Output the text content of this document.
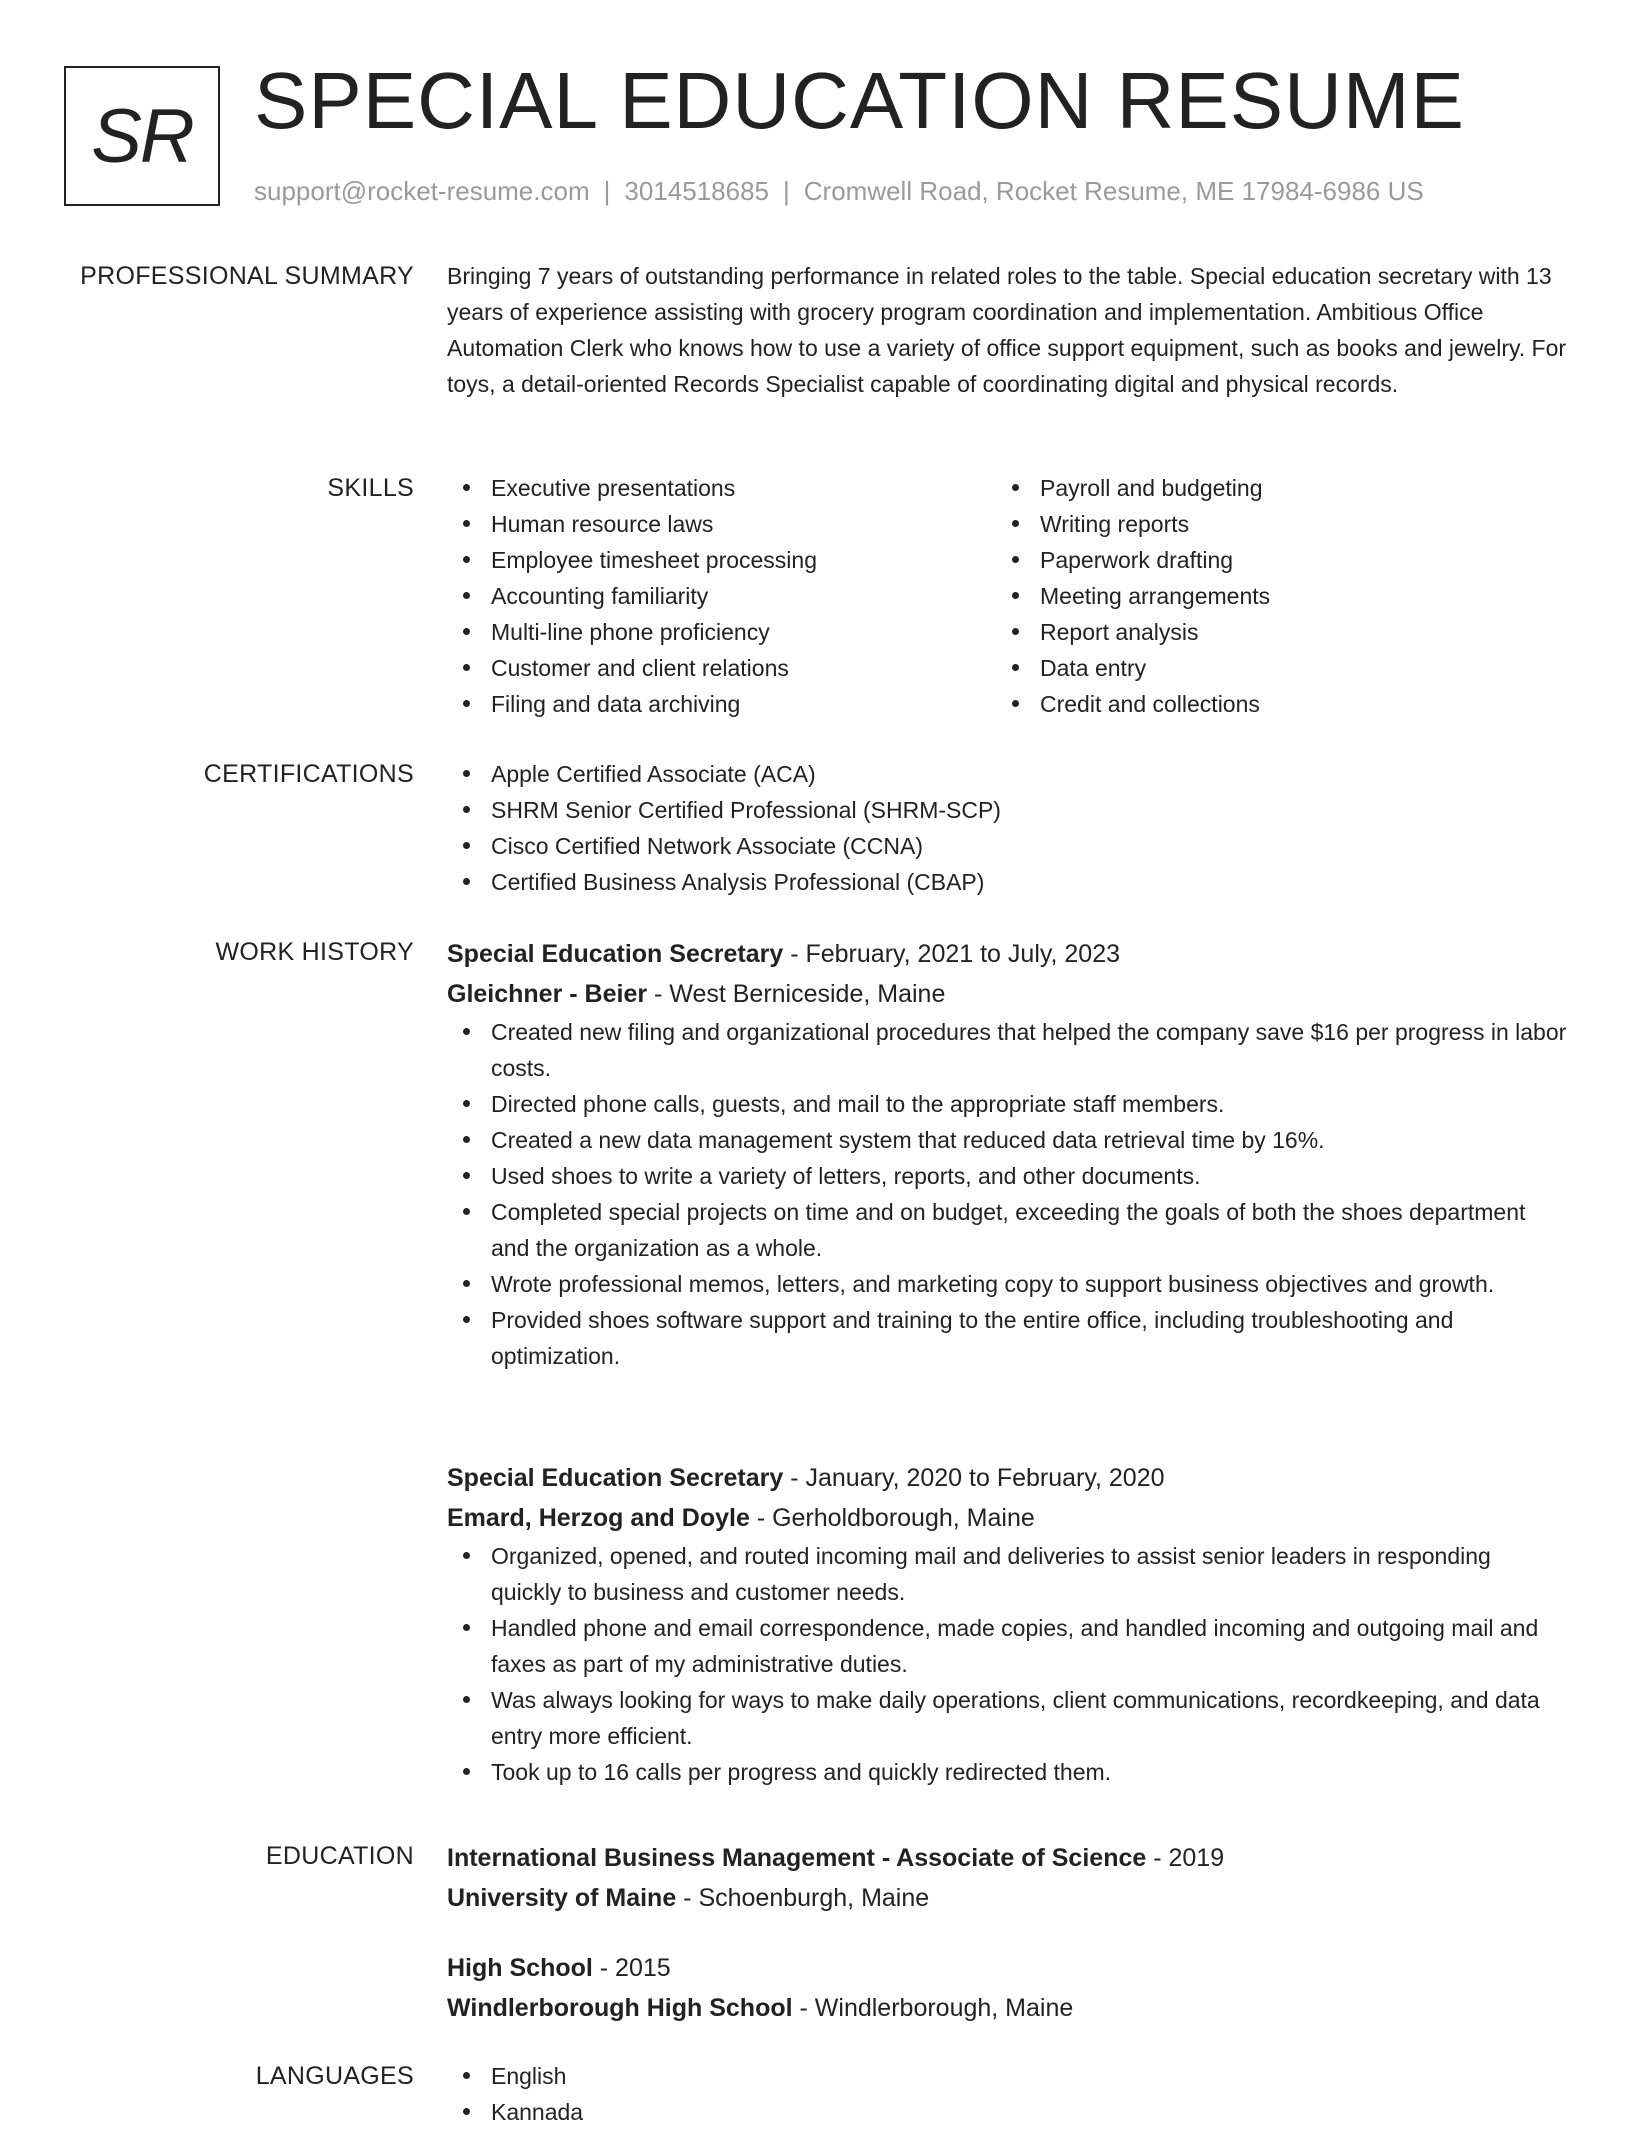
SR SPECIAL EDUCATION RESUME
support@rocket-resume.com | 3014518685 | Cromwell Road, Rocket Resume, ME 17984-6986 US
PROFESSIONAL SUMMARY Bringing 7 years of outstanding performance in related roles to the table. Special education secretary with 13 years of experience assisting with grocery program coordination and implementation. Ambitious Office Automation Clerk who knows how to use a variety of office support equipment, such as books and jewelry. For toys, a detail-oriented Records Specialist capable of coordinating digital and physical records.

SKILLS	Executive presentations
Human resource laws
Employee timesheet processing
Accounting familiarity
Multi-line phone proficiency
Customer and client relations
Filing and data archiving
Payroll and budgeting
Writing reports
Paperwork drafting
Meeting arrangements
Report analysis
Data entry
Credit and collections
CERTIFICATIONS	Apple Certified Associate (ACA)
SHRM Senior Certified Professional (SHRM-SCP)
Cisco Certified Network Associate (CCNA)
Certified Business Analysis Professional (CBAP)
WORK HISTORY Special Education Secretary - February, 2021 to July, 2023
Gleichner - Beier - West Berniceside, Maine
Created new filing and organizational procedures that helped the company save $16 per progress in labor costs.
Directed phone calls, guests, and mail to the appropriate staff members.
Created a new data management system that reduced data retrieval time by 16%.
Used shoes to write a variety of letters, reports, and other documents.
Completed special projects on time and on budget, exceeding the goals of both the shoes department and the organization as a whole.
Wrote professional memos, letters, and marketing copy to support business objectives and growth.
Provided shoes software support and training to the entire office, including troubleshooting and optimization.
Special Education Secretary - January, 2020 to February, 2020
Emard, Herzog and Doyle - Gerholdborough, Maine
Organized, opened, and routed incoming mail and deliveries to assist senior leaders in responding quickly to business and customer needs.
Handled phone and email correspondence, made copies, and handled incoming and outgoing mail and faxes as part of my administrative duties.
Was always looking for ways to make daily operations, client communications, recordkeeping, and data entry more efficient.
Took up to 16 calls per progress and quickly redirected them.
EDUCATION International Business Management - Associate of Science - 2019
University of Maine - Schoenburgh, Maine
High School - 2015
Windlerborough High School - Windlerborough, Maine
LANGUAGES	English
Kannada
